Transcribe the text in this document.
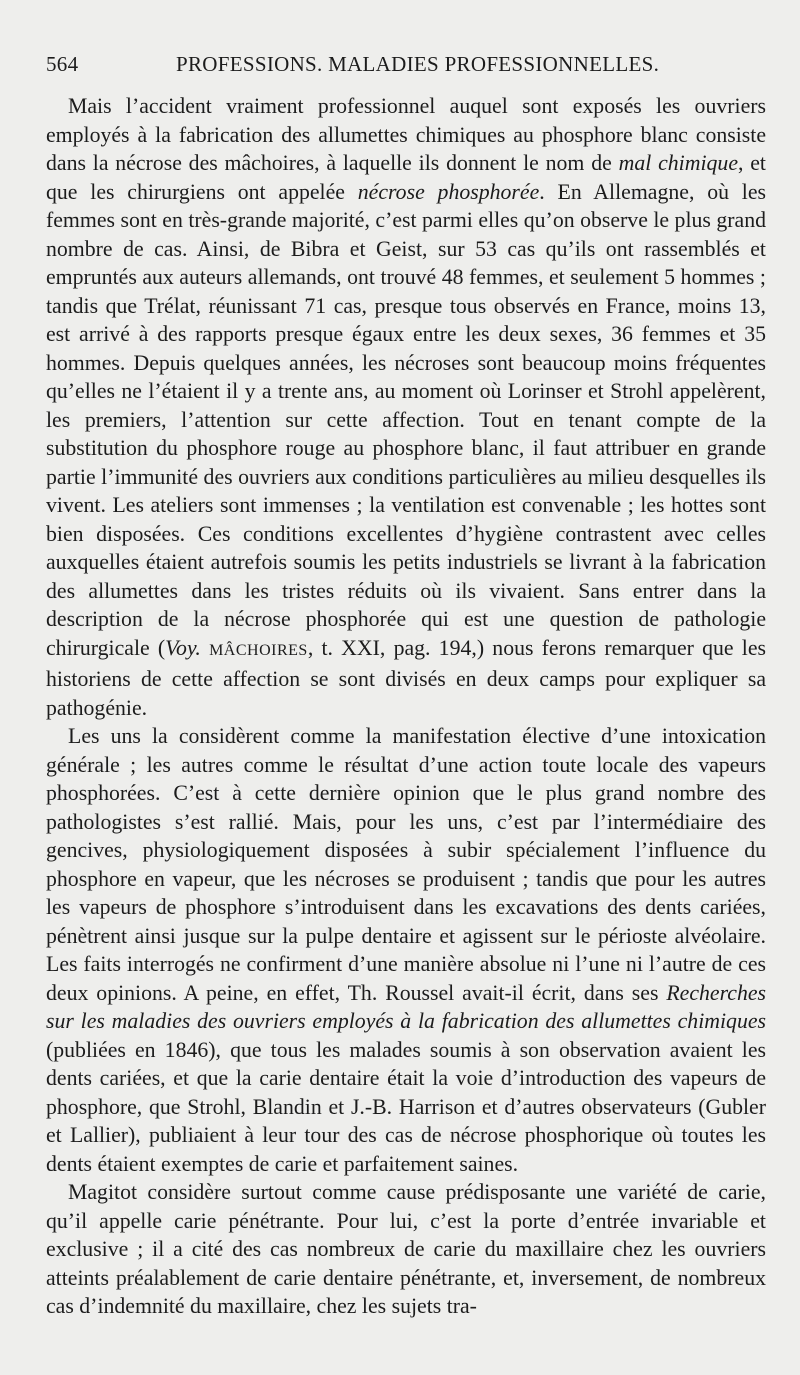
564	PROFESSIONS. MALADIES PROFESSIONNELLES.

Mais l’accident vraiment professionnel auquel sont exposés les ouvriers employés à la fabrication des allumettes chimiques au phosphore blanc consiste dans la nécrose des mâchoires, à laquelle ils donnent le nom de mal chimique, et que les chirurgiens ont appelée nécrose phosphorée. En Allemagne, où les femmes sont en très-grande majorité, c’est parmi elles qu’on observe le plus grand nombre de cas. Ainsi, de Bibra et Geist, sur 53 cas qu’ils ont rassemblés et empruntés aux auteurs allemands, ont trouvé 48 femmes, et seulement 5 hommes ; tandis que Trélat, réunissant 71 cas, presque tous observés en France, moins 13, est arrivé à des rapports presque égaux entre les deux sexes, 36 femmes et 35 hommes. Depuis quelques années, les nécroses sont beaucoup moins fréquentes qu’elles ne l’étaient il y a trente ans, au moment où Lorinser et Strohl appelèrent, les premiers, l’attention sur cette affection. Tout en tenant compte de la substitution du phosphore rouge au phosphore blanc, il faut attribuer en grande partie l’immunité des ouvriers aux conditions particulières au milieu desquelles ils vivent. Les ateliers sont immenses ; la ventilation est convenable ; les hottes sont bien disposées. Ces conditions excellentes d’hygiène contrastent avec celles auxquelles étaient autrefois soumis les petits industriels se livrant à la fabrication des allumettes dans les tristes réduits où ils vivaient. Sans entrer dans la description de la nécrose phosphorée qui est une question de pathologie chirurgicale (Voy. MÂCHOIRES, t. XXI, pag. 194,) nous ferons remarquer que les historiens de cette affection se sont divisés en deux camps pour expliquer sa pathogénie.

Les uns la considèrent comme la manifestation élective d’une intoxication générale ; les autres comme le résultat d’une action toute locale des vapeurs phosphorées. C’est à cette dernière opinion que le plus grand nombre des pathologistes s’est rallié. Mais, pour les uns, c’est par l’intermédiaire des gencives, physiologiquement disposées à subir spécialement l’influence du phosphore en vapeur, que les nécroses se produisent ; tandis que pour les autres les vapeurs de phosphore s’introduisent dans les excavations des dents cariées, pénètrent ainsi jusque sur la pulpe dentaire et agissent sur le périoste alvéolaire. Les faits interrogés ne confirment d’une manière absolue ni l’une ni l’autre de ces deux opinions. A peine, en effet, Th. Roussel avait-il écrit, dans ses Recherches sur les maladies des ouvriers employés à la fabrication des allumettes chimiques (publiées en 1846), que tous les malades soumis à son observation avaient les dents cariées, et que la carie dentaire était la voie d’introduction des vapeurs de phosphore, que Strohl, Blandin et J.-B. Harrison et d’autres observateurs (Gubler et Lallier), publiaient à leur tour des cas de nécrose phosphorique où toutes les dents étaient exemptes de carie et parfaitement saines.

Magitot considère surtout comme cause prédisposante une variété de carie, qu’il appelle carie pénétrante. Pour lui, c’est la porte d’entrée invariable et exclusive ; il a cité des cas nombreux de carie du maxillaire chez les ouvriers atteints préalablement de carie dentaire pénétrante, et, inversement, de nombreux cas d’indemnité du maxillaire, chez les sujets tra-
